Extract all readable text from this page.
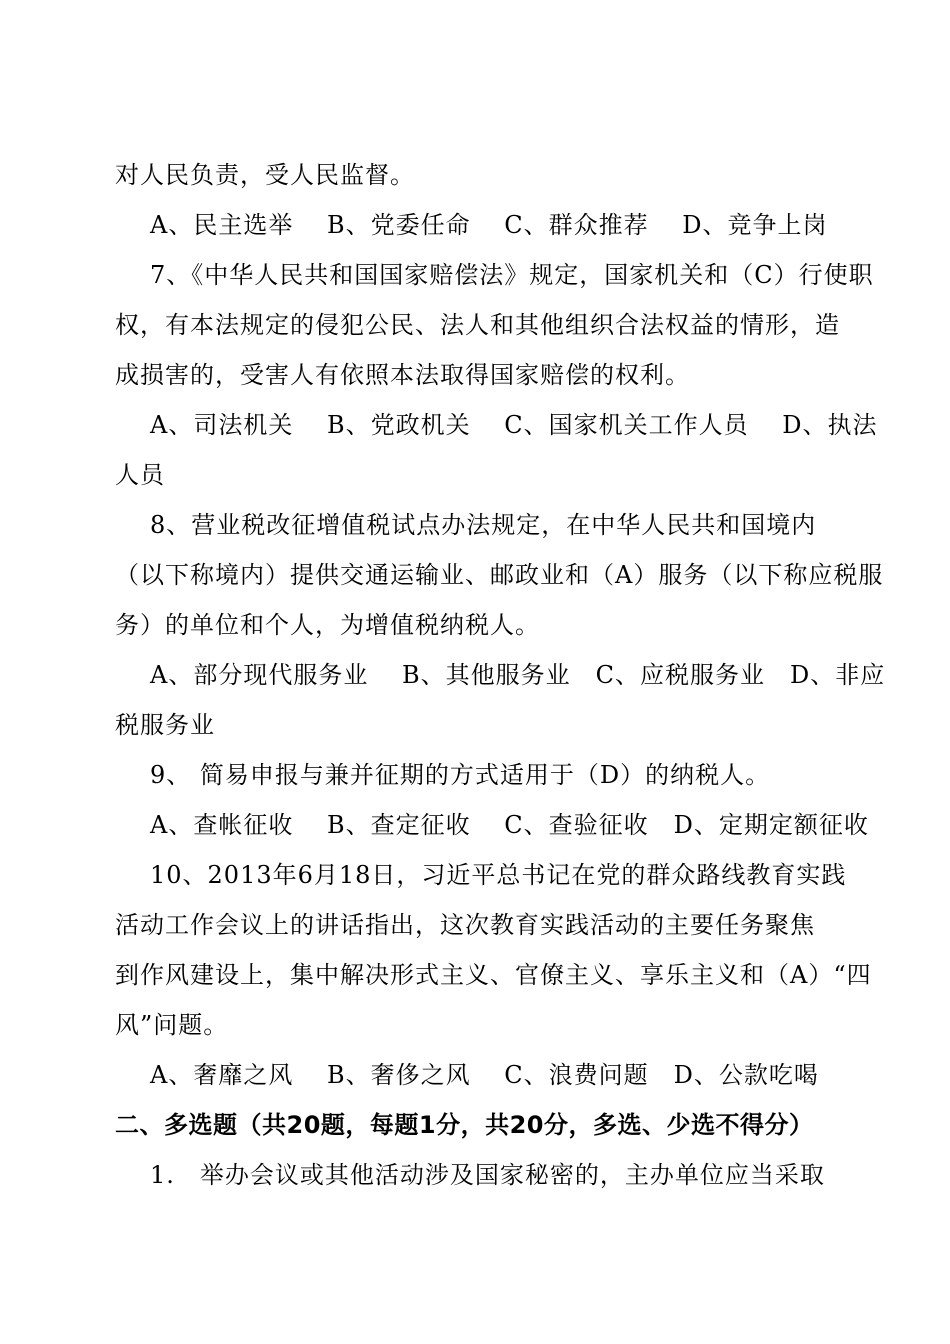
对人民负责，受人民监督。
A、民主选举　 B、党委任命　 C、群众推荐　 D、竞争上岗
7、《中华人民共和国国家赔偿法》规定，国家机关和（C）行使职
权，有本法规定的侵犯公民、法人和其他组织合法权益的情形，造
成损害的，受害人有依照本法取得国家赔偿的权利。
A、司法机关　 B、党政机关　 C、国家机关工作人员　 D、执法
人员
8、营业税改征增值税试点办法规定，在中华人民共和国境内
（以下称境内）提供交通运输业、邮政业和（A）服务（以下称应税服
务）的单位和个人，为增值税纳税人。
A、部分现代服务业　 B、其他服务业　C、应税服务业　D、非应
税服务业
9、 简易申报与兼并征期的方式适用于（D）的纳税人。
A、查帐征收　 B、查定征收　 C、查验征收　D、定期定额征收
10、2013年6月18日，习近平总书记在党的群众路线教育实践
活动工作会议上的讲话指出，这次教育实践活动的主要任务聚焦
到作风建设上，集中解决形式主义、官僚主义、享乐主义和（A）“四
风”问题。
A、奢靡之风　 B、奢侈之风　 C、浪费问题　D、公款吃喝
二、多选题（共20题，每题1分，共20分，多选、少选不得分）
1.　举办会议或其他活动涉及国家秘密的，主办单位应当采取
